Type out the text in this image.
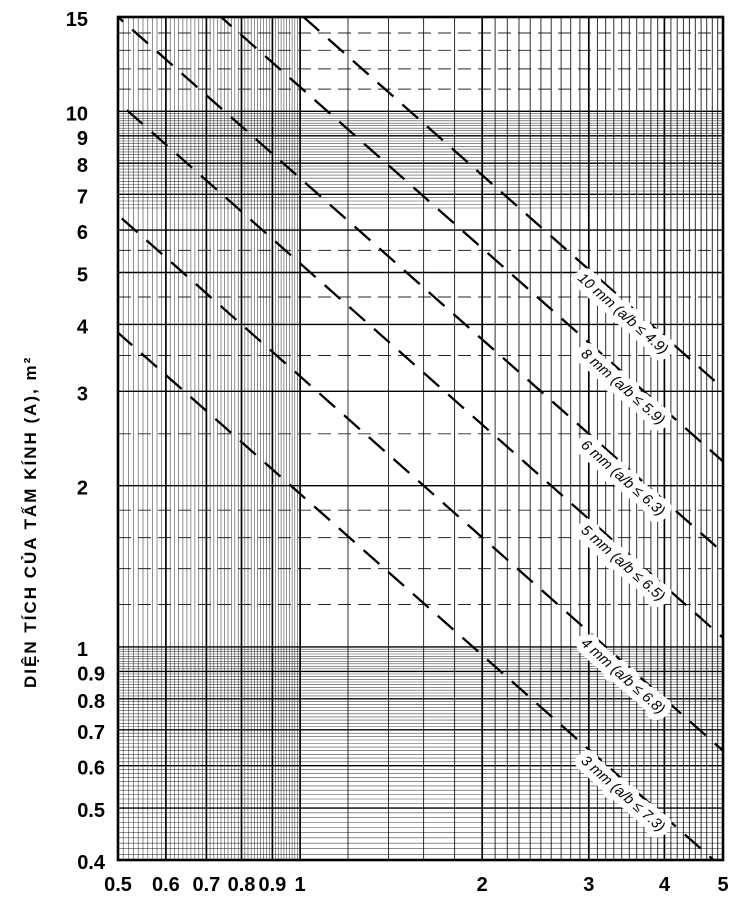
10 mm (a/b ≤ 4.9)
8 mm (a/b ≤ 5.9)
6 mm (a/b ≤ 6.3)
5 mm (a/b ≤ 6.5)
4 mm (a/b ≤ 6.8)
3 mm (a/b ≤ 7.3)
0.5 0.6 0.7 0.8 0.9 1	2	3	4 5
15
10
9
8
7
6
5
4
3
2
1
0.9
0.8
0.7
0.6
0.5
0.4
DIỆN TÍCH CỦA TẤM KÍNH (A), m²
